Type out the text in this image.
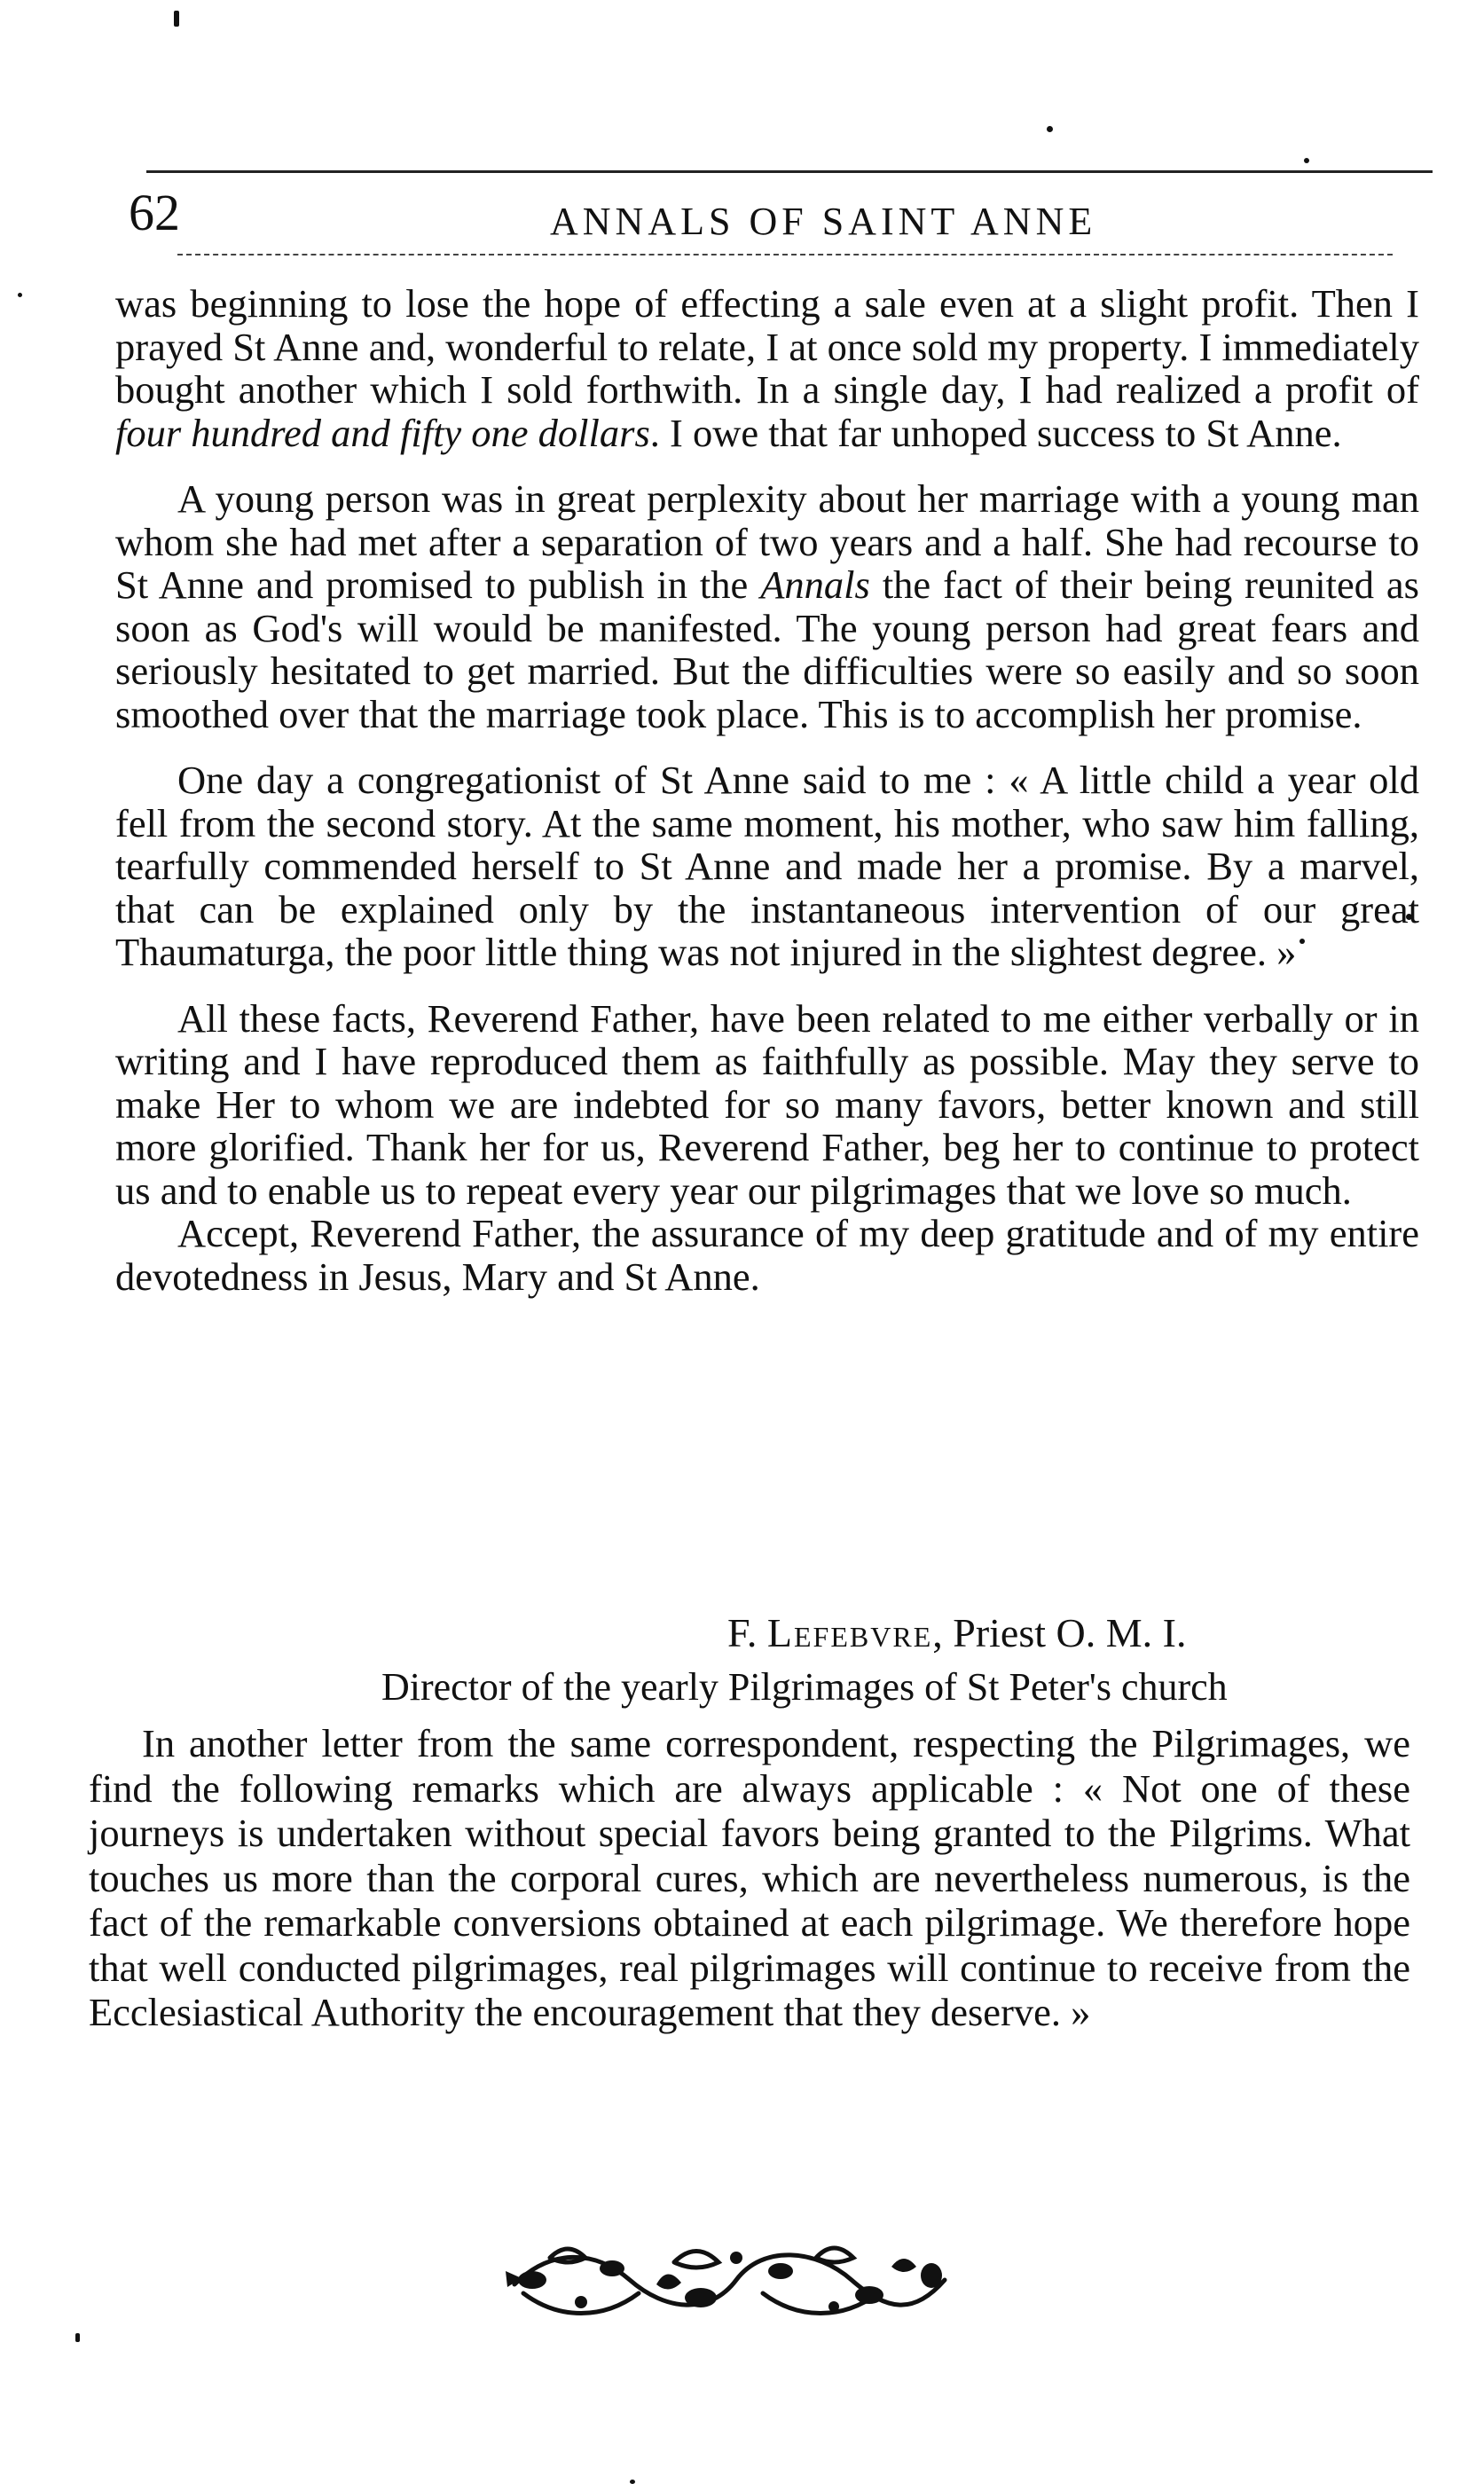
62	ANNALS OF SAINT ANNE

was beginning to lose the hope of effecting a sale even at a slight profit. Then I prayed St Anne and, wonderful to relate, I at once sold my property. I immediately bought another which I sold forthwith. In a single day, I had realized a profit of four hundred and fifty one dollars. I owe that far unhoped success to St Anne.

A young person was in great perplexity about her marriage with a young man whom she had met after a separation of two years and a half. She had recourse to St Anne and promised to publish in the Annals the fact of their being reunited as soon as God's will would be manifested. The young person had great fears and seriously hesitated to get married. But the difficulties were so easily and so soon smoothed over that the marriage took place. This is to accomplish her promise.

One day a congregationist of St Anne said to me : « A little child a year old fell from the second story. At the same moment, his mother, who saw him falling, tearfully commended herself to St Anne and made her a promise. By a marvel, that can be explained only by the instantaneous intervention of our great Thaumaturga, the poor little thing was not injured in the slightest degree. »

All these facts, Reverend Father, have been related to me either verbally or in writing and I have reproduced them as faithfully as possible. May they serve to make Her to whom we are indebted for so many favors, better known and still more glorified. Thank her for us, Reverend Father, beg her to continue to protect us and to enable us to repeat every year our pilgrimages that we love so much.

Accept, Reverend Father, the assurance of my deep gratitude and of my entire devotedness in Jesus, Mary and St Anne.

F. Lefebvre, Priest O. M. I.
Director of the yearly Pilgrimages of St Peter's church

In another letter from the same correspondent, respecting the Pilgrimages, we find the following remarks which are always applicable : « Not one of these journeys is undertaken without special favors being granted to the Pilgrims. What touches us more than the corporal cures, which are nevertheless numerous, is the fact of the remarkable conversions obtained at each pilgrimage. We therefore hope that well conducted pilgrimages, real pilgrimages will continue to receive from the Ecclesiastical Authority the encouragement that they deserve. »
